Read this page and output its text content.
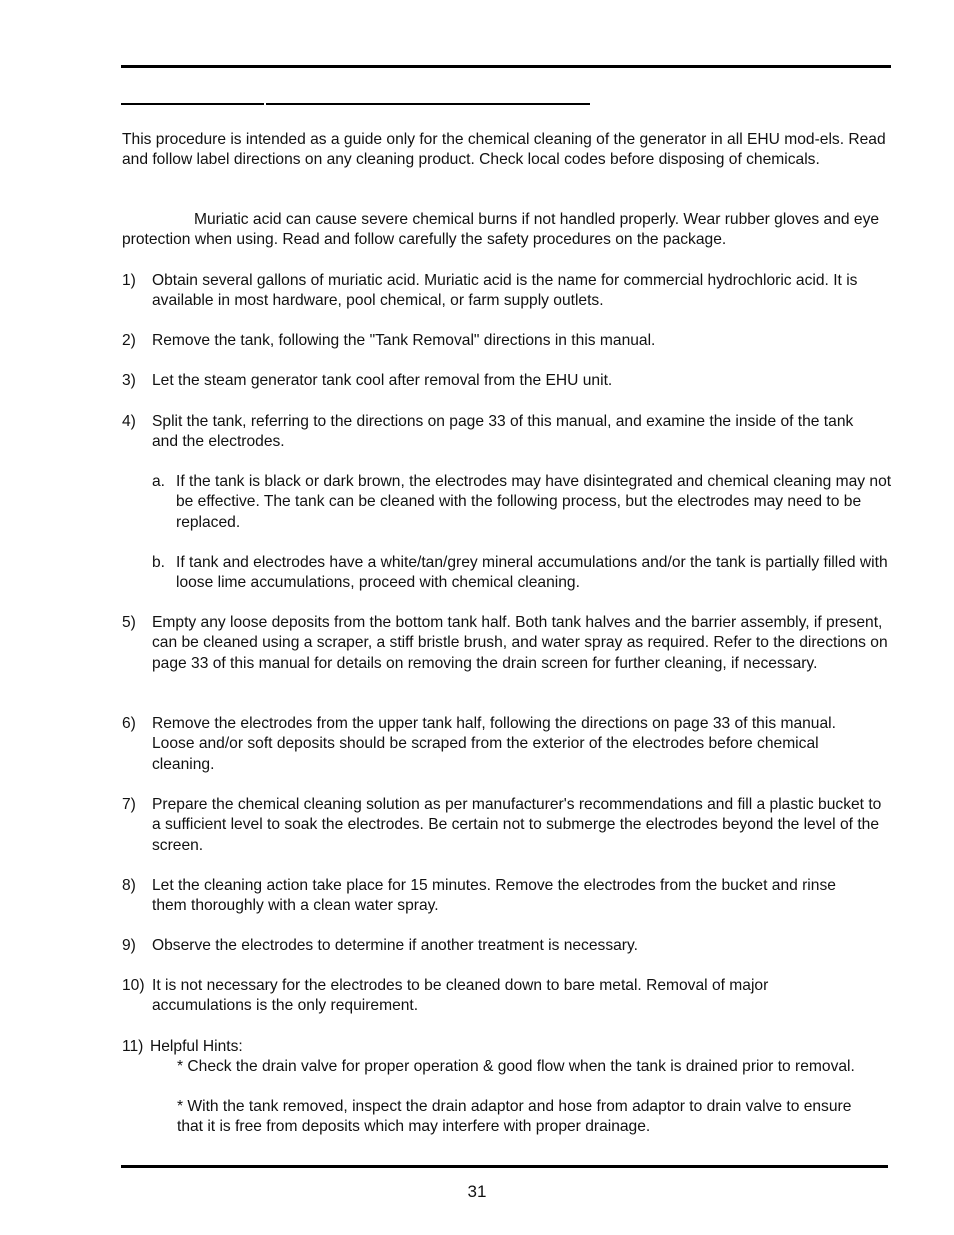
This procedure is intended as a guide only for the chemical cleaning of the generator in all EHU mod-els. Read and follow label directions on any cleaning product. Check local codes before disposing of chemicals.

Muriatic acid can cause severe chemical burns if not handled properly. Wear rubber gloves and eye protection when using. Read and follow carefully the safety procedures on the package.

1) Obtain several gallons of muriatic acid. Muriatic acid is the name for commercial hydrochloric acid. It is available in most hardware, pool chemical, or farm supply outlets.
2) Remove the tank, following the "Tank Removal" directions in this manual.
3) Let the steam generator tank cool after removal from the EHU unit.
4) Split the tank, referring to the directions on page 33 of this manual, and examine the inside of the tank and the electrodes.
a. If the tank is black or dark brown, the electrodes may have disintegrated and chemical cleaning may not be effective. The tank can be cleaned with the following process, but the electrodes may need to be replaced.
b. If tank and electrodes have a white/tan/grey mineral accumulations and/or the tank is partially filled with loose lime accumulations, proceed with chemical cleaning.
5) Empty any loose deposits from the bottom tank half. Both tank halves and the barrier assembly, if present, can be cleaned using a scraper, a stiff bristle brush, and water spray as required. Refer to the directions on page 33 of this manual for details on removing the drain screen for further cleaning, if necessary.
6) Remove the electrodes from the upper tank half, following the directions on page 33 of this manual. Loose and/or soft deposits should be scraped from the exterior of the electrodes before chemical cleaning.
7) Prepare the chemical cleaning solution as per manufacturer's recommendations and fill a plastic bucket to a sufficient level to soak the electrodes. Be certain not to submerge the electrodes beyond the level of the screen.
8) Let the cleaning action take place for 15 minutes. Remove the electrodes from the bucket and rinse them thoroughly with a clean water spray.
9) Observe the electrodes to determine if another treatment is necessary.
10) It is not necessary for the electrodes to be cleaned down to bare metal. Removal of major accumulations is the only requirement.
11) Helpful Hints:
* Check the drain valve for proper operation & good flow when the tank is drained prior to removal.
* With the tank removed, inspect the drain adaptor and hose from adaptor to drain valve to ensure that it is free from deposits which may interfere with proper drainage.
31
